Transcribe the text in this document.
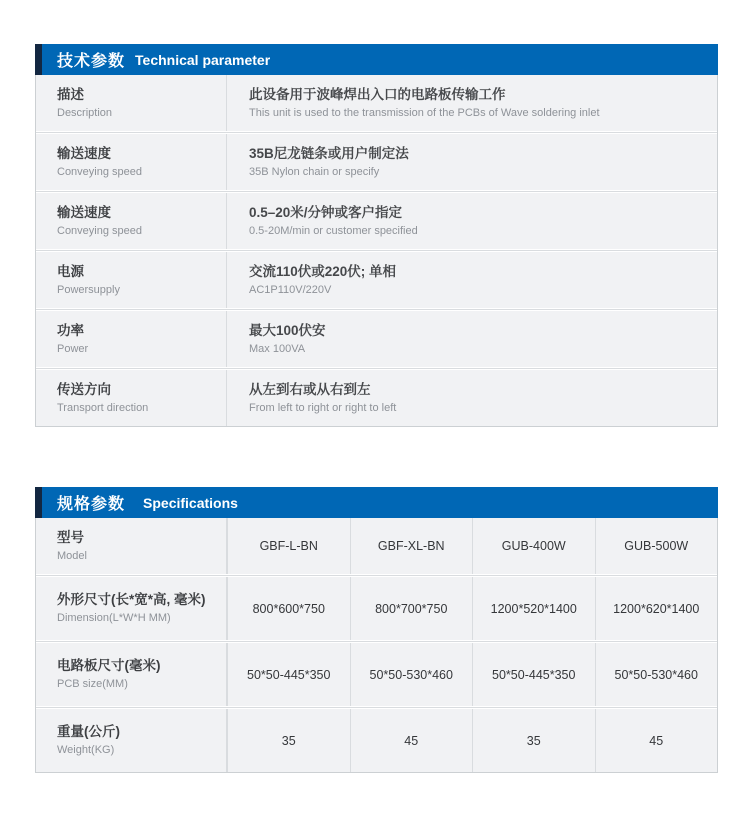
技术参数 Technical parameter
描述
Description
此设备用于波峰焊出入口的电路板传输工作
This unit is used to the transmission of the PCBs of Wave soldering inlet
输送速度
Conveying speed
35B尼龙链条或用户制定法
35B Nylon chain or specify
输送速度
Conveying speed
0.5–20米/分钟或客户指定
0.5-20M/min or customer specified
电源
Powersupply
交流110伏或220伏; 单相
AC1P110V/220V
功率
Power
最大100伏安
Max 100VA
传送方向
Transport direction
从左到右或从右到左
From left to right or right to left
规格参数 Specifications
型号
Model
GBF-L-BN	GBF-XL-BN	GUB-400W	GUB-500W
外形尺寸(长*宽*高, 毫米)
Dimension(L*W*H MM)
800*600*750	800*700*750	1200*520*1400	1200*620*1400
电路板尺寸(毫米)
PCB size(MM)
50*50-445*350	50*50-530*460	50*50-445*350	50*50-530*460
重量(公斤)
Weight(KG)
35	45	35	45
